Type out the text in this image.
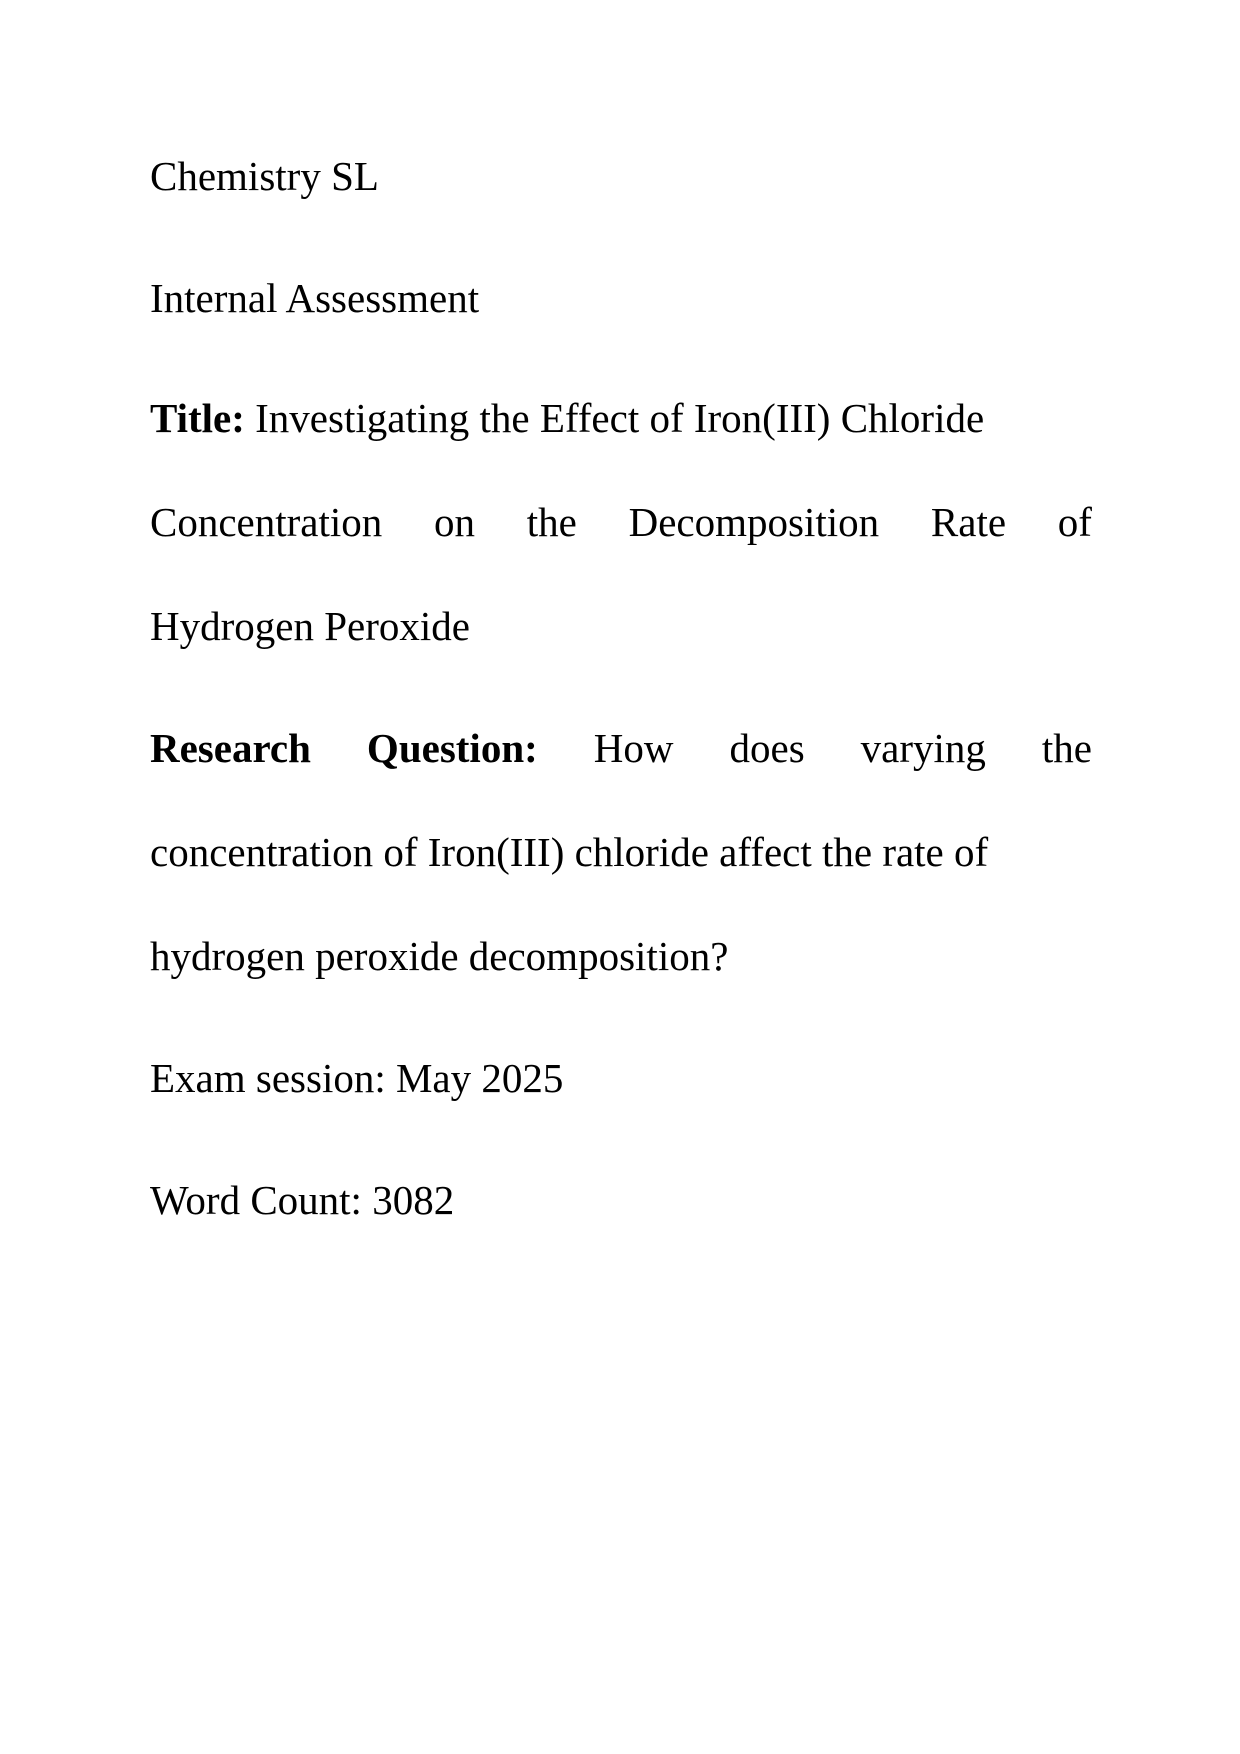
Chemistry SL
Internal Assessment
Title: Investigating the Effect of Iron(III) Chloride
Concentration on the Decomposition Rate of
Hydrogen Peroxide
Research Question: How does varying the
concentration of Iron(III) chloride affect the rate of
hydrogen peroxide decomposition?
Exam session: May 2025
Word Count: 3082
